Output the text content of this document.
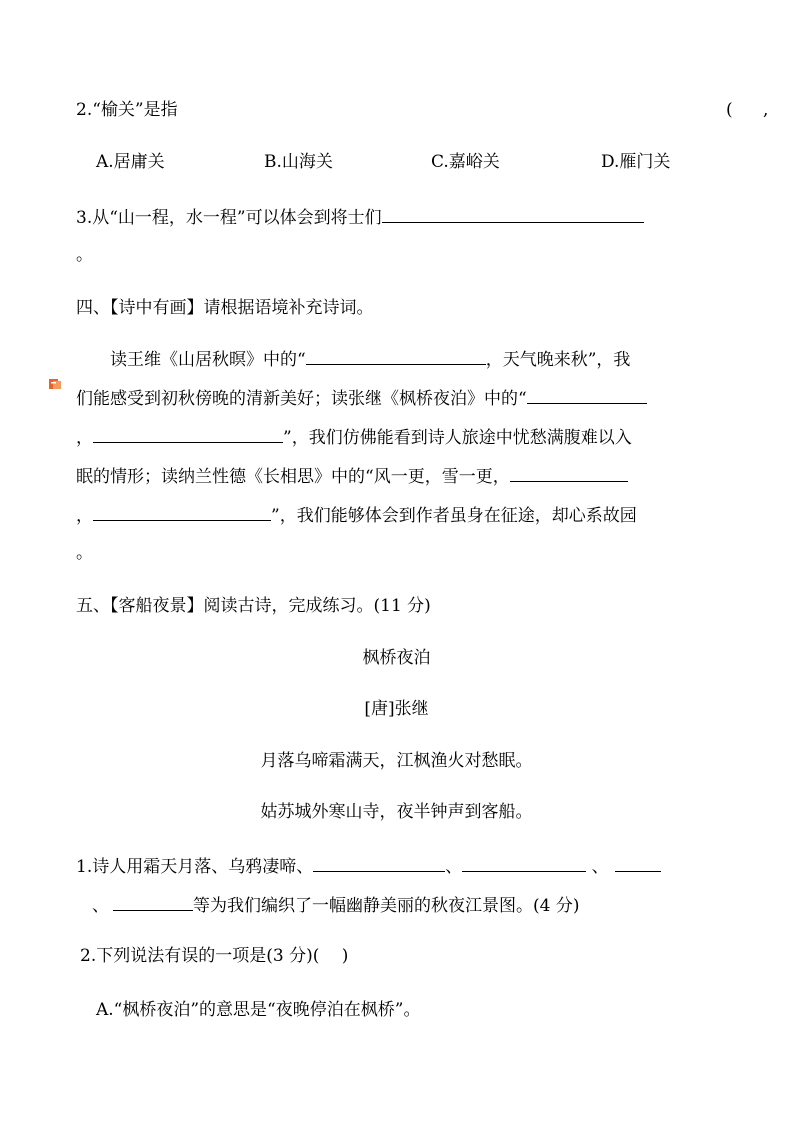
2.“榆关”是指	( ,
A.居庸关	B.山海关	C.嘉峪关	D.雁门关
3.从“山一程，水一程”可以体会到将士们
。
四、【诗中有画】请根据语境补充诗词。
读王维《山居秋暝》中的“	，天气晚来秋”，我
们能感受到初秋傍晚的清新美好；读张继《枫桥夜泊》中的“
，	”，我们仿佛能看到诗人旅途中忧愁满腹难以入
眠的情形；读纳兰性德《长相思》中的“风一更，雪一更，
，	”，我们能够体会到作者虽身在征途，却心系故园
。
五、【客船夜景】阅读古诗，完成练习。(11 分)
枫桥夜泊
[唐]张继
月落乌啼霜满天，江枫渔火对愁眠。
姑苏城外寒山寺，夜半钟声到客船。
1.诗人用霜天月落、乌鸦凄啼、	、	、
、	等为我们编织了一幅幽静美丽的秋夜江景图。(4 分)
2.下列说法有误的一项是(3 分)(　 )
A.“枫桥夜泊”的意思是“夜晚停泊在枫桥”。
